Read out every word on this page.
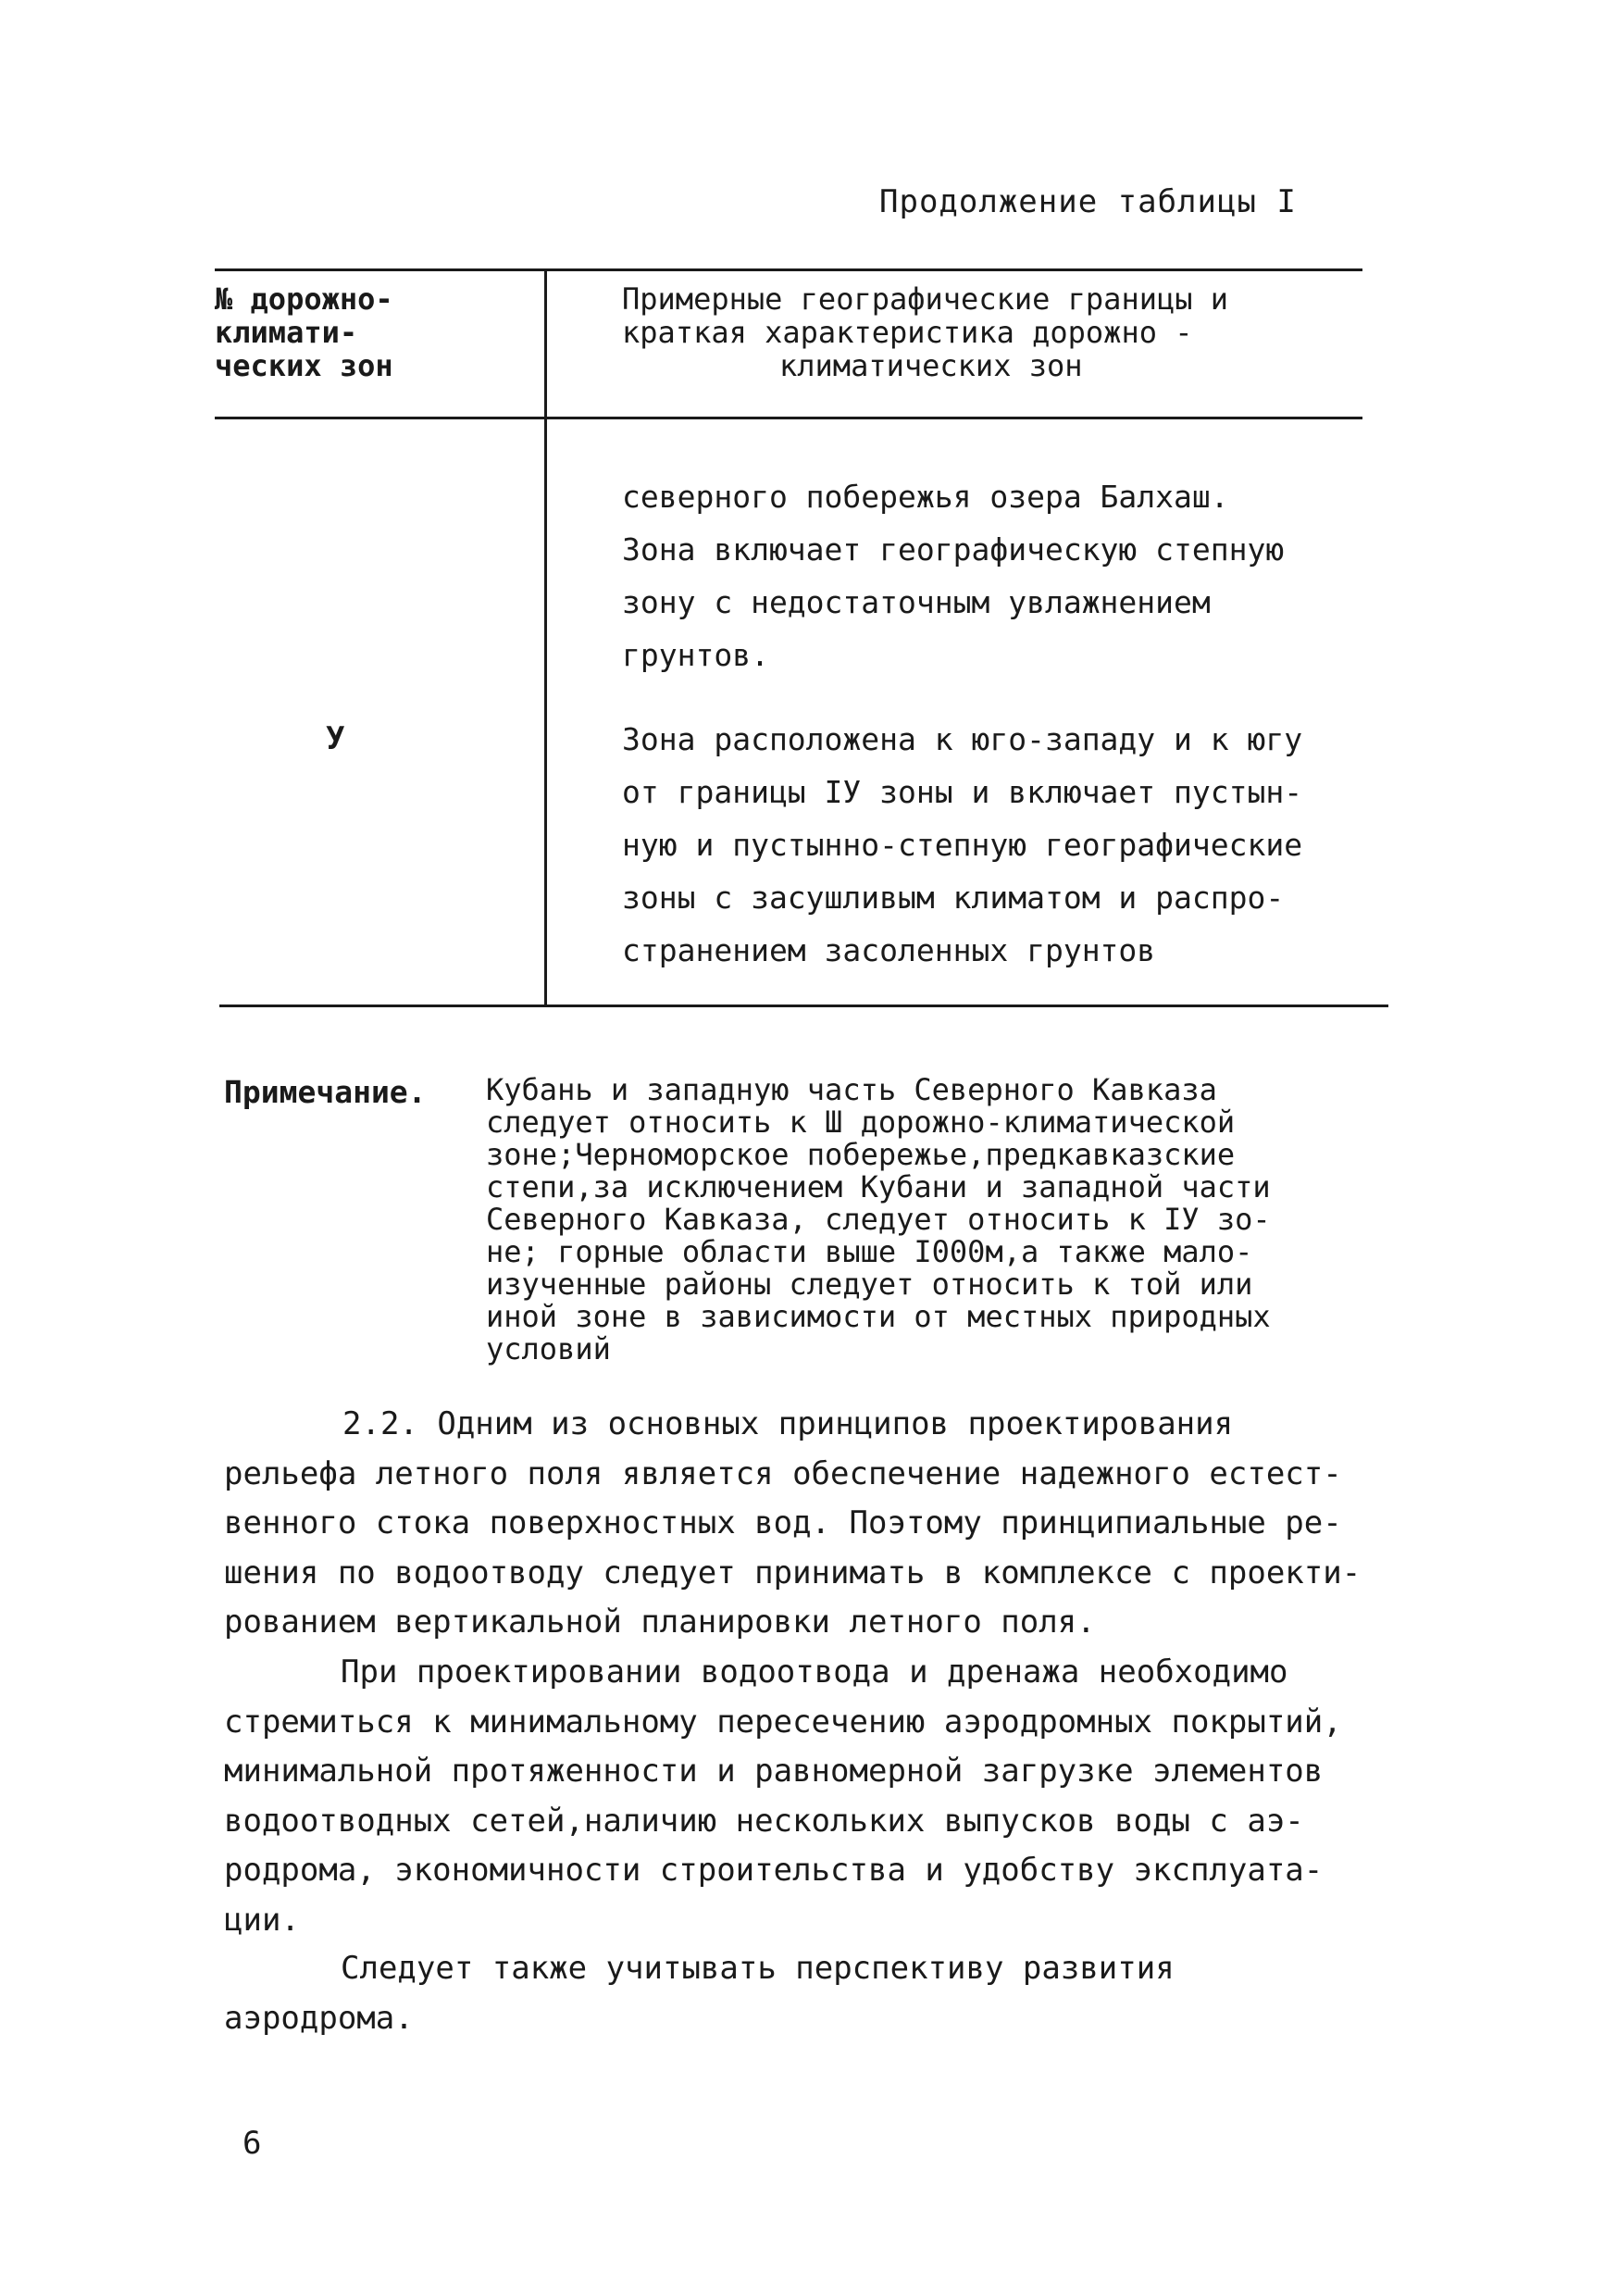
Продолжение таблицы I
№ дорожно-
климати-
ческих зон
Примерные географические границы и
краткая характеристика дорожно -
климатических зон
северного побережья озера Балхаш.
Зона включает географическую степную
зону с недостаточным увлажнением
грунтов.
У	Зона расположена к юго-западу и к югу
от границы IУ зоны и включает пустын-
ную и пустынно-степную географические
зоны с засушливым климатом и распро-
странением засоленных грунтов
Примечание. Кубань и западную часть Северного Кавказа
следует относить к Ш дорожно-климатической
зоне;Черноморское побережье,предкавказские
степи,за исключением Кубани и западной части
Северного Кавказа, следует относить к IУ зо-
не; горные области выше I000м,а также мало-
изученные районы следует относить к той или
иной зоне в зависимости от местных природных
условий
2.2. Одним из основных принципов проектирования
рельефа летного поля является обеспечение надежного естест-
венного стока поверхностных вод. Поэтому принципиальные ре-
шения по водоотводу следует принимать в комплексе с проекти-
рованием вертикальной планировки летного поля.
При проектировании водоотвода и дренажа необходимо
стремиться к минимальному пересечению аэродромных покрытий,
минимальной протяженности и равномерной загрузке элементов
водоотводных сетей,наличию нескольких выпусков воды с аэ-
родрома, экономичности строительства и удобству эксплуата-
ции.
Следует также учитывать перспективу развития
аэродрома.
6
